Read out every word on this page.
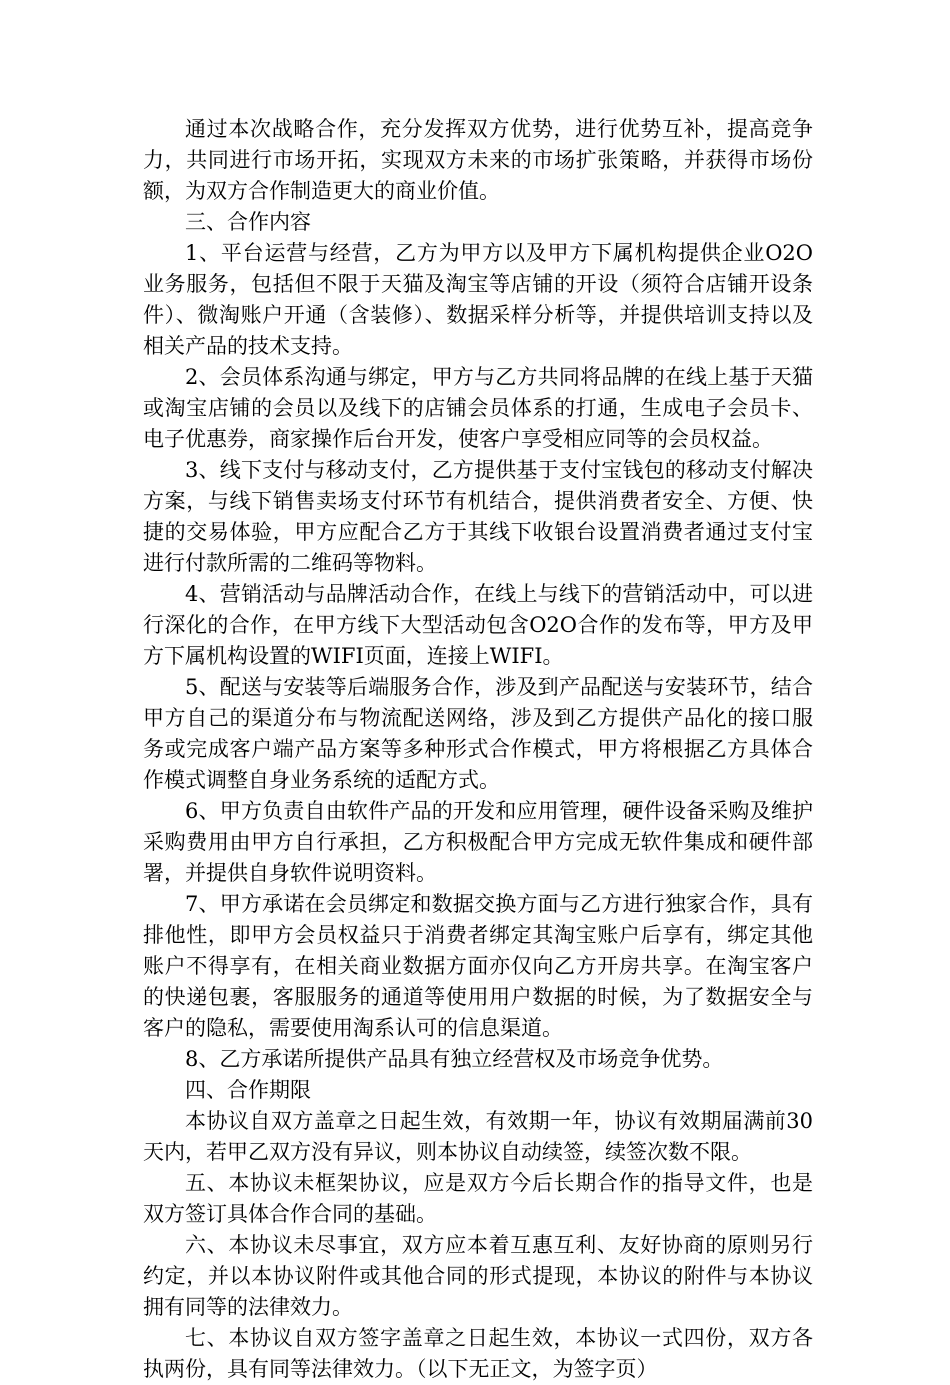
通过本次战略合作，充分发挥双方优势，进行优势互补，提高竞争力，共同进行市场开拓，实现双方未来的市场扩张策略，并获得市场份额，为双方合作制造更大的商业价值。

三、合作内容

1、平台运营与经营，乙方为甲方以及甲方下属机构提供企业O2O业务服务，包括但不限于天猫及淘宝等店铺的开设（须符合店铺开设条件）、微淘账户开通（含装修）、数据采样分析等，并提供培训支持以及相关产品的技术支持。

2、会员体系沟通与绑定，甲方与乙方共同将品牌的在线上基于天猫或淘宝店铺的会员以及线下的店铺会员体系的打通，生成电子会员卡、电子优惠券，商家操作后台开发，使客户享受相应同等的会员权益。

3、线下支付与移动支付，乙方提供基于支付宝钱包的移动支付解决方案，与线下销售卖场支付环节有机结合，提供消费者安全、方便、快捷的交易体验，甲方应配合乙方于其线下收银台设置消费者通过支付宝进行付款所需的二维码等物料。

4、营销活动与品牌活动合作，在线上与线下的营销活动中，可以进行深化的合作，在甲方线下大型活动包含O2O合作的发布等，甲方及甲方下属机构设置的WIFI页面，连接上WIFI。

5、配送与安装等后端服务合作，涉及到产品配送与安装环节，结合甲方自己的渠道分布与物流配送网络，涉及到乙方提供产品化的接口服务或完成客户端产品方案等多种形式合作模式，甲方将根据乙方具体合作模式调整自身业务系统的适配方式。

6、甲方负责自由软件产品的开发和应用管理，硬件设备采购及维护采购费用由甲方自行承担，乙方积极配合甲方完成无软件集成和硬件部署，并提供自身软件说明资料。

7、甲方承诺在会员绑定和数据交换方面与乙方进行独家合作，具有排他性，即甲方会员权益只于消费者绑定其淘宝账户后享有，绑定其他账户不得享有，在相关商业数据方面亦仅向乙方开房共享。在淘宝客户的快递包裹，客服服务的通道等使用用户数据的时候，为了数据安全与客户的隐私，需要使用淘系认可的信息渠道。

8、乙方承诺所提供产品具有独立经营权及市场竞争优势。

四、合作期限

本协议自双方盖章之日起生效，有效期一年，协议有效期届满前30天内，若甲乙双方没有异议，则本协议自动续签，续签次数不限。

五、本协议未框架协议，应是双方今后长期合作的指导文件，也是双方签订具体合作合同的基础。

六、本协议未尽事宜，双方应本着互惠互利、友好协商的原则另行约定，并以本协议附件或其他合同的形式提现，本协议的附件与本协议拥有同等的法律效力。

七、本协议自双方签字盖章之日起生效，本协议一式四份，双方各执两份，具有同等法律效力。（以下无正文，为签字页）
